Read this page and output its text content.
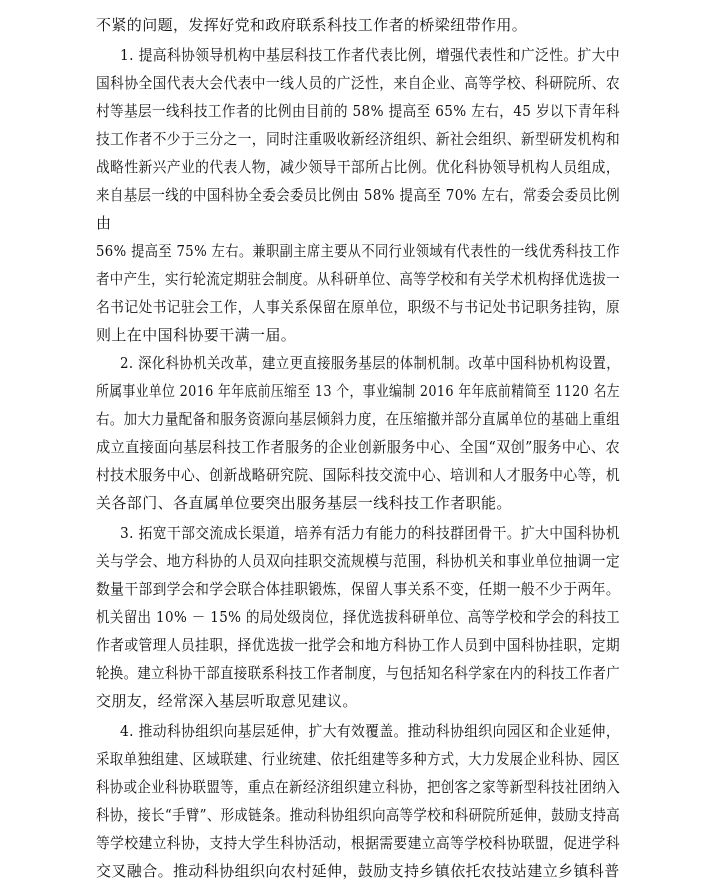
不紧的问题，发挥好党和政府联系科技工作者的桥梁纽带作用。
1. 提高科协领导机构中基层科技工作者代表比例，增强代表性和广泛性。扩大中
国科协全国代表大会代表中一线人员的广泛性，来自企业、高等学校、科研院所、农
村等基层一线科技工作者的比例由目前的 58% 提高至 65% 左右，45 岁以下青年科
技工作者不少于三分之一，同时注重吸收新经济组织、新社会组织、新型研发机构和
战略性新兴产业的代表人物，减少领导干部所占比例。优化科协领导机构人员组成，
来自基层一线的中国科协全委会委员比例由 58% 提高至 70% 左右，常委会委员比例
由
56% 提高至 75% 左右。兼职副主席主要从不同行业领域有代表性的一线优秀科技工作
者中产生，实行轮流定期驻会制度。从科研单位、高等学校和有关学术机构择优选拔一
名书记处书记驻会工作，人事关系保留在原单位，职级不与书记处书记职务挂钩，原
则上在中国科协要干满一届。
2. 深化科协机关改革，建立更直接服务基层的体制机制。改革中国科协机构设置，
所属事业单位 2016 年年底前压缩至 13 个，事业编制 2016 年年底前精简至 1120 名左
右。加大力量配备和服务资源向基层倾斜力度，在压缩撤并部分直属单位的基础上重组
成立直接面向基层科技工作者服务的企业创新服务中心、全国“双创”服务中心、农
村技术服务中心、创新战略研究院、国际科技交流中心、培训和人才服务中心等，机
关各部门、各直属单位要突出服务基层一线科技工作者职能。
3. 拓宽干部交流成长渠道，培养有活力有能力的科技群团骨干。扩大中国科协机
关与学会、地方科协的人员双向挂职交流规模与范围，科协机关和事业单位抽调一定
数量干部到学会和学会联合体挂职锻炼，保留人事关系不变，任期一般不少于两年。
机关留出 10% － 15% 的局处级岗位，择优选拔科研单位、高等学校和学会的科技工
作者或管理人员挂职，择优选拔一批学会和地方科协工作人员到中国科协挂职，定期
轮换。建立科协干部直接联系科技工作者制度，与包括知名科学家在内的科技工作者广
交朋友，经常深入基层听取意见建议。
4. 推动科协组织向基层延伸，扩大有效覆盖。推动科协组织向园区和企业延伸，
采取单独组建、区域联建、行业统建、依托组建等多种方式，大力发展企业科协、园区
科协或企业科协联盟等，重点在新经济组织建立科协，把创客之家等新型科技社团纳入
科协，接长“手臂”、形成链条。推动科协组织向高等学校和科研院所延伸，鼓励支持高
等学校建立科协，支持大学生科协活动，根据需要建立高等学校科协联盟，促进学科
交叉融合。推动科协组织向农村延伸，鼓励支持乡镇依托农技站建立乡镇科普
